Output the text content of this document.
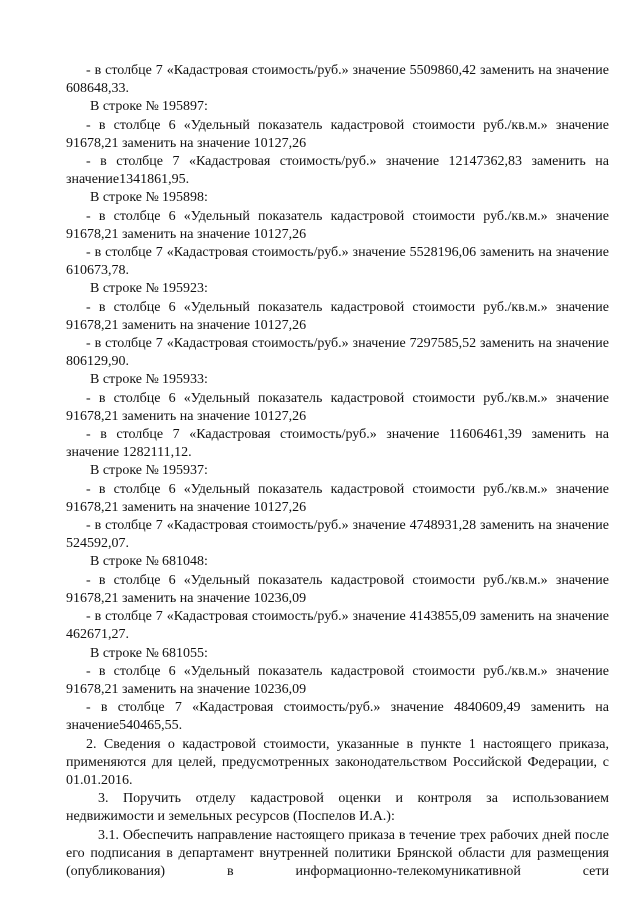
- в столбце 7 «Кадастровая стоимость/руб.» значение 5509860,42 заменить на значение 608648,33.

В строке № 195897:

- в столбце 6 «Удельный показатель кадастровой стоимости руб./кв.м.» значение 91678,21 заменить на значение 10127,26

- в столбце 7 «Кадастровая стоимость/руб.» значение 12147362,83 заменить на значение1341861,95.

В строке № 195898:

- в столбце 6 «Удельный показатель кадастровой стоимости руб./кв.м.» значение 91678,21 заменить на значение 10127,26

- в столбце 7 «Кадастровая стоимость/руб.» значение 5528196,06 заменить на значение 610673,78.

В строке № 195923:

- в столбце 6 «Удельный показатель кадастровой стоимости руб./кв.м.» значение 91678,21 заменить на значение 10127,26

- в столбце 7 «Кадастровая стоимость/руб.» значение 7297585,52 заменить на значение 806129,90.

В строке № 195933:

- в столбце 6 «Удельный показатель кадастровой стоимости руб./кв.м.» значение 91678,21 заменить на значение 10127,26

- в столбце 7 «Кадастровая стоимость/руб.» значение 11606461,39 заменить на значение 1282111,12.

В строке № 195937:

- в столбце 6 «Удельный показатель кадастровой стоимости руб./кв.м.» значение 91678,21 заменить на значение 10127,26

- в столбце 7 «Кадастровая стоимость/руб.» значение 4748931,28 заменить на значение 524592,07.

В строке № 681048:

- в столбце 6 «Удельный показатель кадастровой стоимости руб./кв.м.» значение 91678,21 заменить на значение 10236,09

- в столбце 7 «Кадастровая стоимость/руб.» значение 4143855,09 заменить на значение 462671,27.

В строке № 681055:

- в столбце 6 «Удельный показатель кадастровой стоимости руб./кв.м.» значение 91678,21 заменить на значение 10236,09

- в столбце 7 «Кадастровая стоимость/руб.» значение 4840609,49 заменить на значение540465,55.

2. Сведения о кадастровой стоимости, указанные в пункте 1 настоящего приказа, применяются для целей, предусмотренных законодательством Российской Федерации, с 01.01.2016.

3. Поручить отделу кадастровой оценки и контроля за использованием недвижимости и земельных ресурсов (Поспелов И.А.):

3.1. Обеспечить направление настоящего приказа в течение трех рабочих дней после его подписания в департамент внутренней политики Брянской области для размещения (опубликования) в информационно-телекомуникативной сети
